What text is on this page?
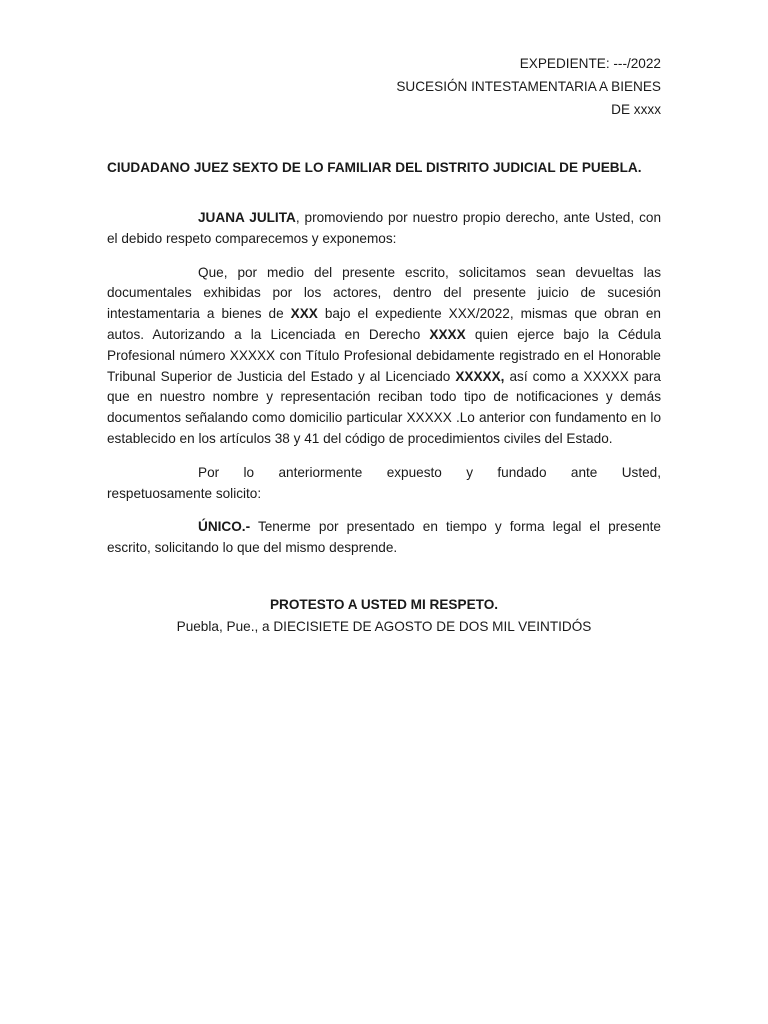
EXPEDIENTE: ---/2022
SUCESIÓN INTESTAMENTARIA A BIENES
DE xxxx
CIUDADANO JUEZ SEXTO DE LO FAMILIAR DEL DISTRITO JUDICIAL DE PUEBLA.

JUANA JULITA, promoviendo por nuestro propio derecho, ante Usted, con el debido respeto comparecemos y exponemos:

Que, por medio del presente escrito, solicitamos sean devueltas las documentales exhibidas por los actores, dentro del presente juicio de sucesión intestamentaria a bienes de XXX bajo el expediente XXX/2022, mismas que obran en autos. Autorizando a la Licenciada en Derecho XXXX quien ejerce bajo la Cédula Profesional número XXXXX con Título Profesional debidamente registrado en el Honorable Tribunal Superior de Justicia del Estado y al Licenciado XXXXX, así como a XXXXX para que en nuestro nombre y representación reciban todo tipo de notificaciones y demás documentos señalando como domicilio particular XXXXX .Lo anterior con fundamento en lo establecido en los artículos 38 y 41 del código de procedimientos civiles del Estado.

Por lo anteriormente expuesto y fundado ante Usted,

respetuosamente solicito:

ÚNICO.- Tenerme por presentado en tiempo y forma legal el presente escrito, solicitando lo que del mismo desprende.

PROTESTO A USTED MI RESPETO.
Puebla, Pue., a DIECISIETE DE AGOSTO DE DOS MIL VEINTIDÓS
